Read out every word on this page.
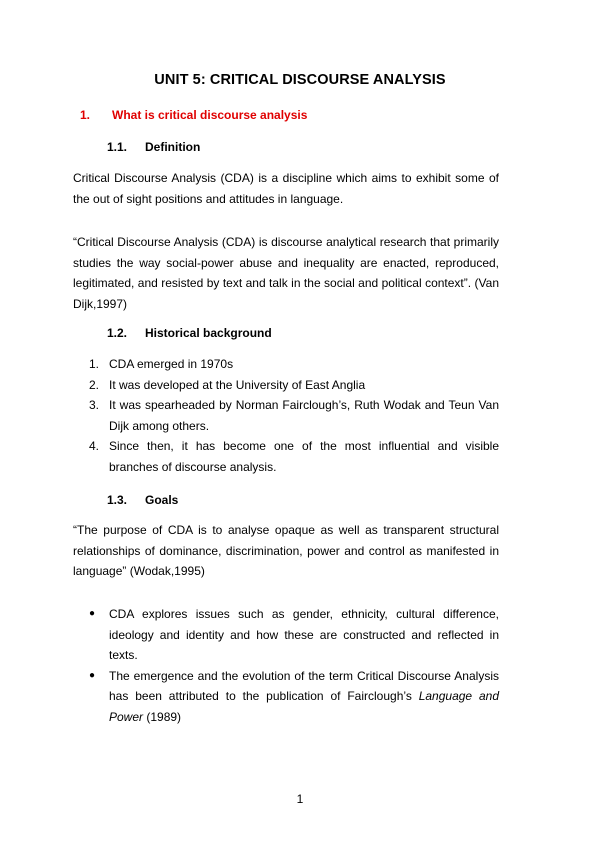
UNIT 5: CRITICAL DISCOURSE ANALYSIS
1. What is critical discourse analysis
1.1. Definition
Critical Discourse Analysis (CDA) is a discipline which aims to exhibit some of the out of sight positions and attitudes in language.
“Critical Discourse Analysis (CDA) is discourse analytical research that primarily studies the way social-power abuse and inequality are enacted, reproduced, legitimated, and resisted by text and talk in the social and political context”. (Van Dijk,1997)
1.2. Historical background
1. CDA emerged in 1970s
2. It was developed at the University of East Anglia
3. It was spearheaded by Norman Fairclough’s, Ruth Wodak and Teun Van Dijk among others.
4. Since then, it has become one of the most influential and visible branches of discourse analysis.
1.3. Goals
“The purpose of CDA is to analyse opaque as well as transparent structural relationships of dominance, discrimination, power and control as manifested in language” (Wodak,1995)
● CDA explores issues such as gender, ethnicity, cultural difference, ideology and identity and how these are constructed and reflected in texts.
● The emergence and the evolution of the term Critical Discourse Analysis has been attributed to the publication of Fairclough’s Language and Power (1989)
1
